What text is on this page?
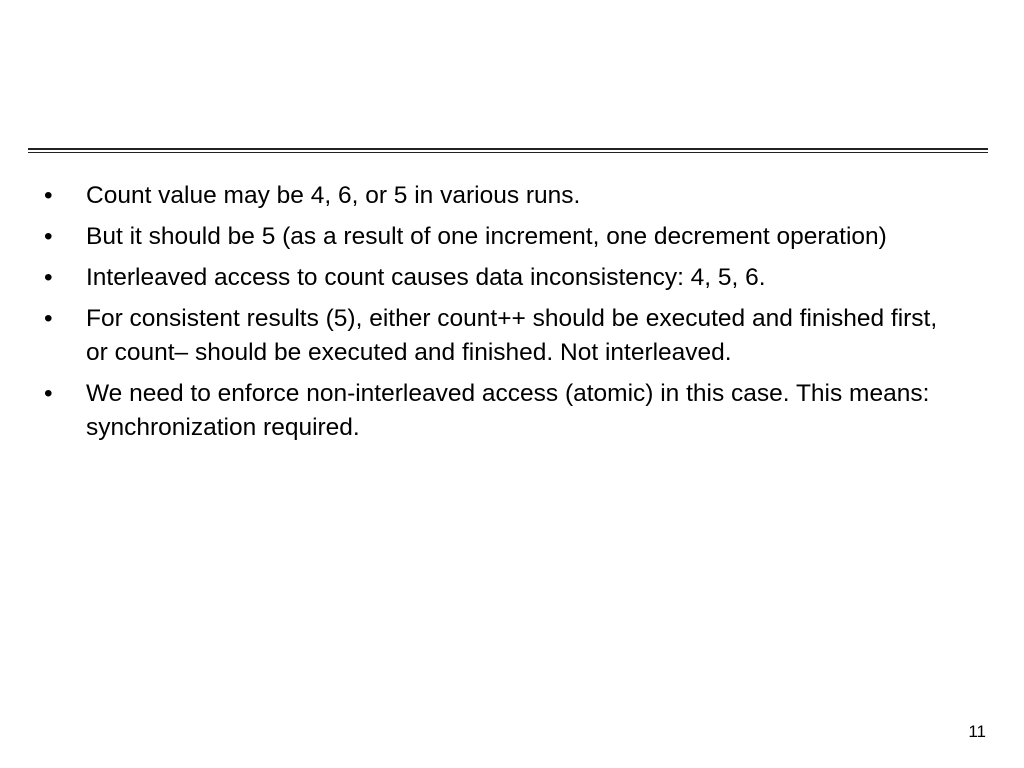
•	Count value may be 4, 6, or 5 in various runs.
•	But it should be 5 (as a result of one increment, one decrement operation)
•	Interleaved access to count causes data inconsistency: 4, 5, 6.
•	For consistent results (5), either count++ should be executed and finished first, or count– should be executed and finished. Not interleaved.
•	We need to enforce non-interleaved access (atomic) in this case. This means: synchronization required.
11
